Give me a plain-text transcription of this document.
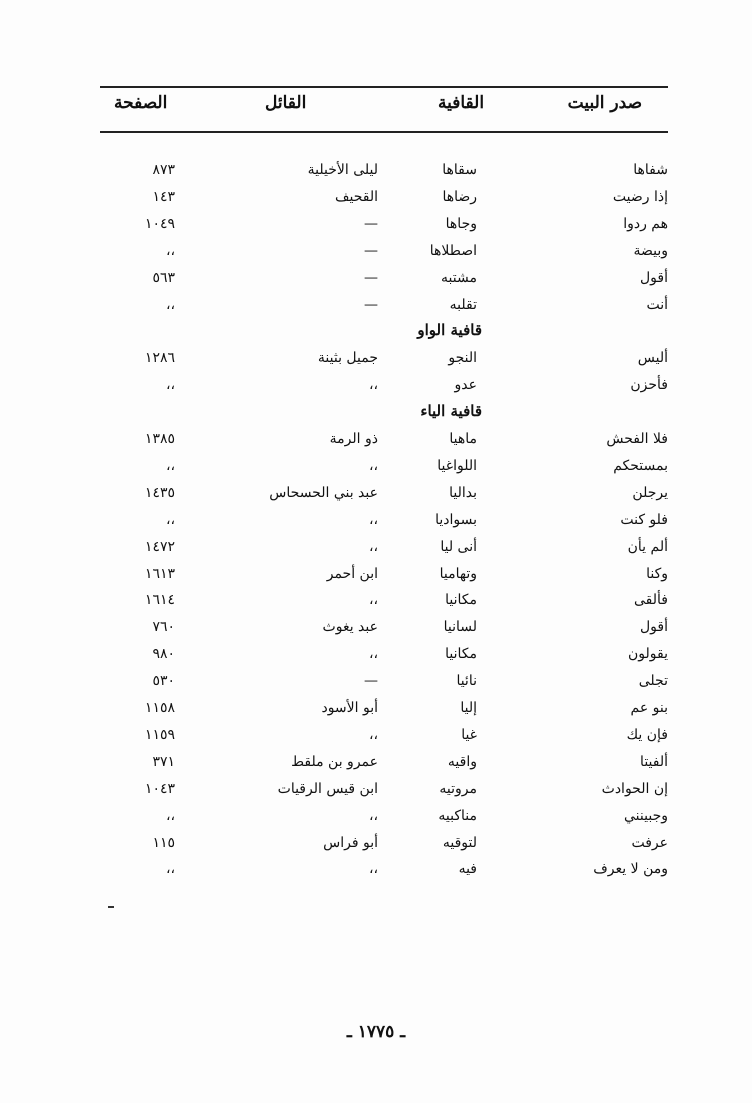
صدر البيت
القافية
القائل
الصفحة
شفاها
سقاها
ليلى الأخيلية
٨٧٣
إذا رضيت
رضاها
القحيف
١٤٣
هم ردوا
وجاها
—
١٠٤٩
وبيضة
اصطلاها
—
،،
أقول
مشتبه
—
٥٦٣
أنت
تقلبه
—
،،
قافية الواو
أليس
النجو
جميل بثينة
١٢٨٦
فأحزن
عدو
،،
،،
قافية الياء
فلا الفحش
ماهيا
ذو الرمة
١٣٨٥
بمستحكم
اللواغيا
،،
،،
يرجلن
بداليا
عبد بني الحسحاس
١٤٣٥
فلو كنت
بسواديا
،،
،،
ألم يأن
أنى ليا
،،
١٤٧٢
وكنا
وتهاميا
ابن أحمر
١٦١٣
فألقى
مكانيا
،،
١٦١٤
أقول
لسانيا
عبد يغوث
٧٦٠
يقولون
مكانيا
،،
٩٨٠
تجلى
نائيا
—
٥٣٠
بنو عم
إليا
أبو الأسود
١١٥٨
فإن يك
غيا
،،
١١٥٩
ألفيتا
واقيه
عمرو بن ملقط
٣٧١
إن الحوادث
مروتيه
ابن قيس الرقيات
١٠٤٣
وجبينني
مناكبيه
،،
،،
عرفت
لتوقيه
أبو فراس
١١٥
ومن لا يعرف
فيه
،،
،،
ـ ١٧٧٥ ـ
